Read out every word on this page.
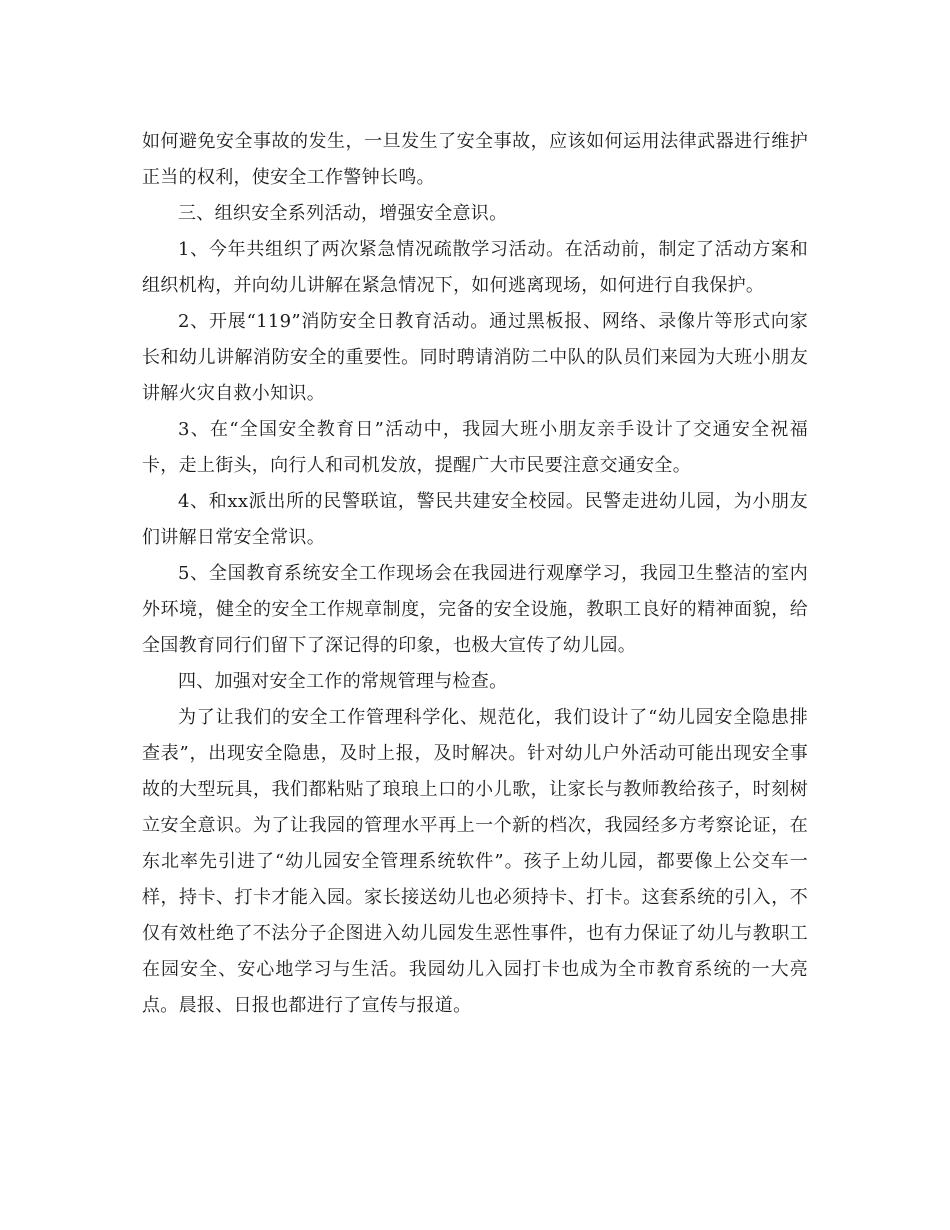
如何避免安全事故的发生，一旦发生了安全事故，应该如何运用法律武器进行维护正当的权利，使安全工作警钟长鸣。

三、组织安全系列活动，增强安全意识。

1、今年共组织了两次紧急情况疏散学习活动。在活动前，制定了活动方案和组织机构，并向幼儿讲解在紧急情况下，如何逃离现场，如何进行自我保护。

2、开展“119”消防安全日教育活动。通过黑板报、网络、录像片等形式向家长和幼儿讲解消防安全的重要性。同时聘请消防二中队的队员们来园为大班小朋友讲解火灾自救小知识。

3、在“全国安全教育日”活动中，我园大班小朋友亲手设计了交通安全祝福卡，走上街头，向行人和司机发放，提醒广大市民要注意交通安全。

4、和xx派出所的民警联谊，警民共建安全校园。民警走进幼儿园，为小朋友们讲解日常安全常识。

5、全国教育系统安全工作现场会在我园进行观摩学习，我园卫生整洁的室内外环境，健全的安全工作规章制度，完备的安全设施，教职工良好的精神面貌，给全国教育同行们留下了深记得的印象，也极大宣传了幼儿园。

四、加强对安全工作的常规管理与检查。

为了让我们的安全工作管理科学化、规范化，我们设计了“幼儿园安全隐患排查表”，出现安全隐患，及时上报，及时解决。针对幼儿户外活动可能出现安全事故的大型玩具，我们都粘贴了琅琅上口的小儿歌，让家长与教师教给孩子，时刻树立安全意识。为了让我园的管理水平再上一个新的档次，我园经多方考察论证，在东北率先引进了“幼儿园安全管理系统软件”。孩子上幼儿园，都要像上公交车一样，持卡、打卡才能入园。家长接送幼儿也必须持卡、打卡。这套系统的引入，不仅有效杜绝了不法分子企图进入幼儿园发生恶性事件，也有力保证了幼儿与教职工在园安全、安心地学习与生活。我园幼儿入园打卡也成为全市教育系统的一大亮点。晨报、日报也都进行了宣传与报道。
